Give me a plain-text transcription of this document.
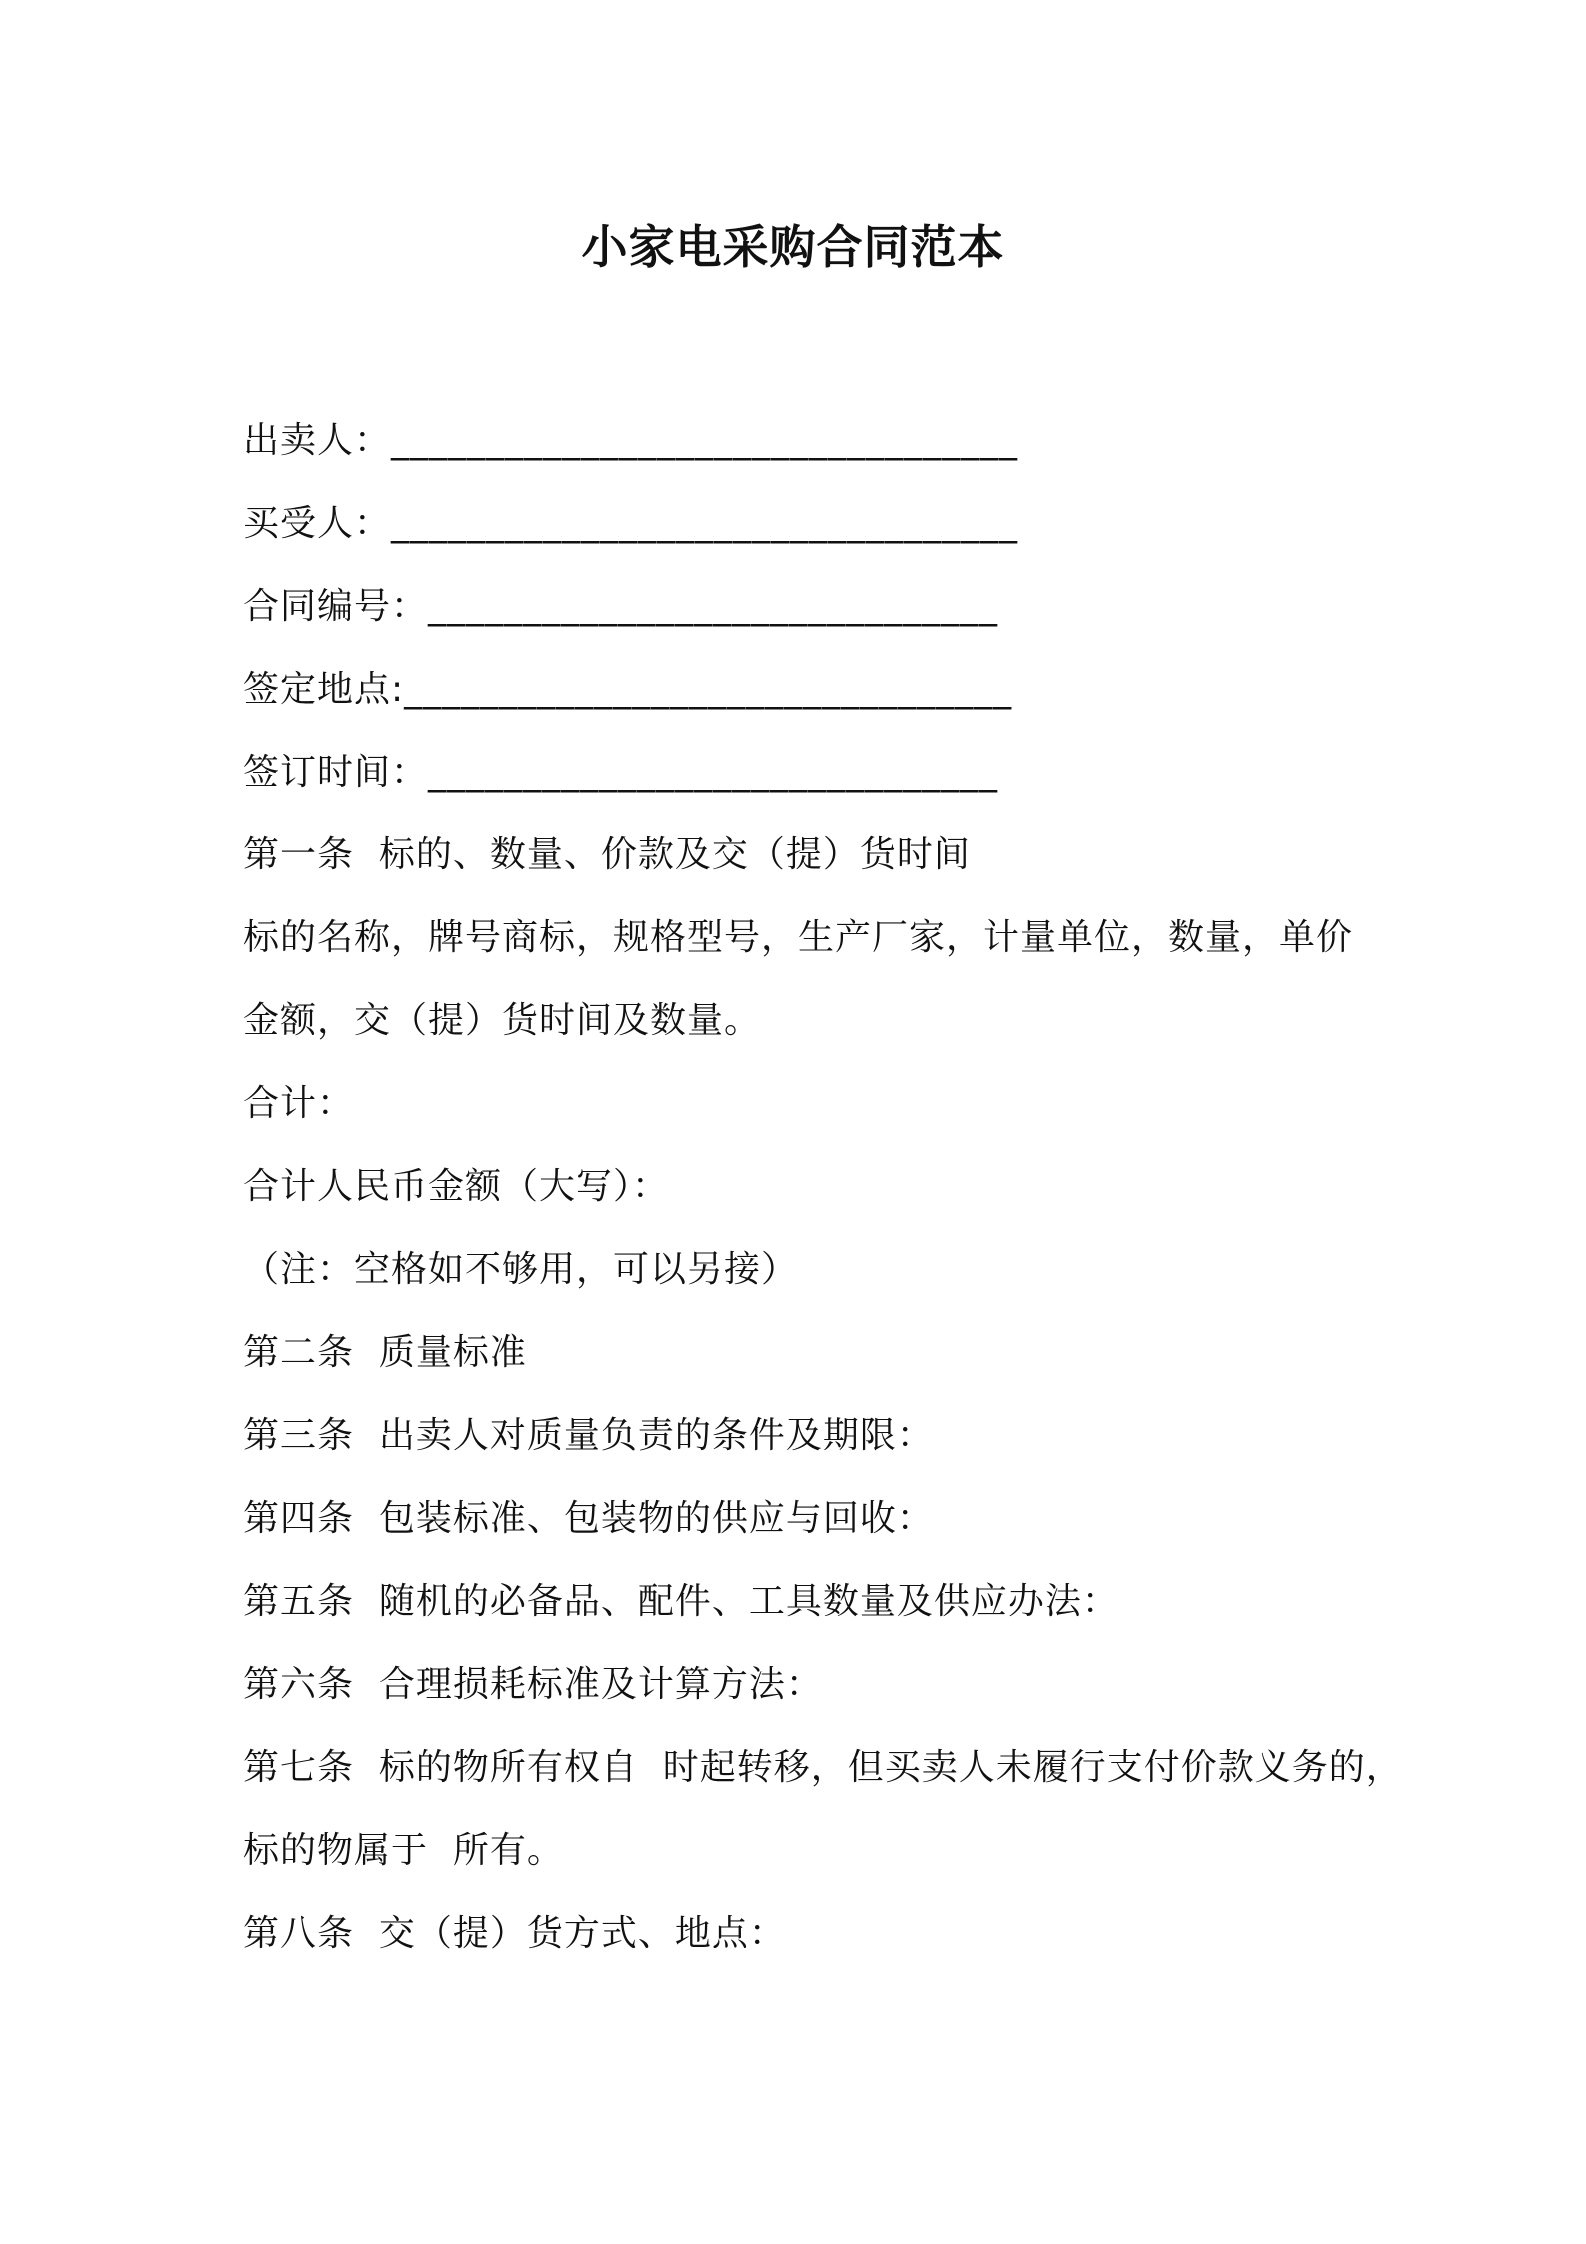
小家电采购合同范本
出卖人：_________________________________
买受人：_________________________________
合同编号：______________________________
签定地点:________________________________
签订时间：______________________________
第一条  标的、数量、价款及交（提）货时间
标的名称，牌号商标，规格型号，生产厂家，计量单位，数量，单价
金额，交（提）货时间及数量。
合计：
合计人民币金额（大写）：
（注：空格如不够用，可以另接）
第二条  质量标准
第三条  出卖人对质量负责的条件及期限：
第四条  包装标准、包装物的供应与回收：
第五条  随机的必备品、配件、工具数量及供应办法：
第六条  合理损耗标准及计算方法：
第七条  标的物所有权自  时起转移，但买卖人未履行支付价款义务的，
标的物属于  所有。
第八条  交（提）货方式、地点：
